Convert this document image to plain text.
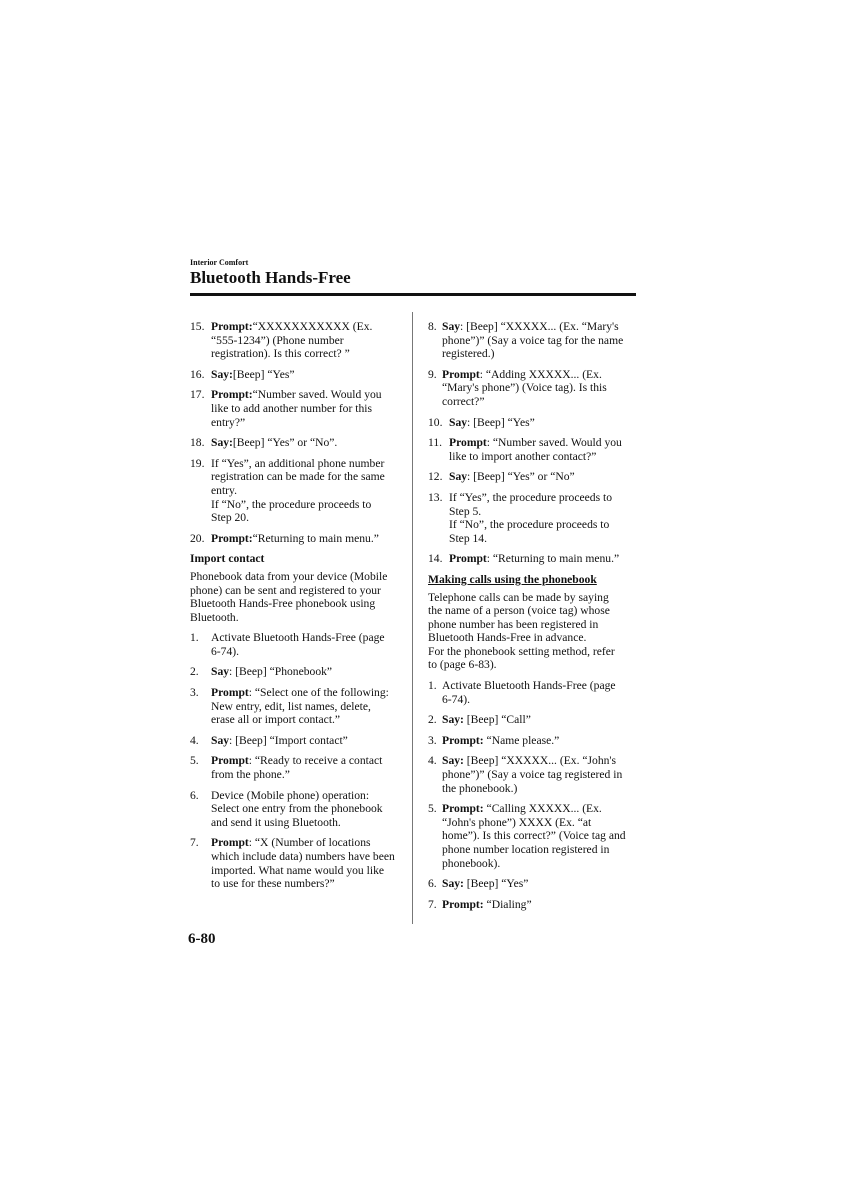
Interior Comfort
Bluetooth Hands-Free
15. Prompt:“XXXXXXXXXXX (Ex.
“555-1234”) (Phone number
registration). Is this correct? ”
16. Say:[Beep] “Yes”
17. Prompt:“Number saved. Would you
like to add another number for this
entry?”
18. Say:[Beep] “Yes” or “No”.
19. If “Yes”, an additional phone number
registration can be made for the same
entry.
If “No”, the procedure proceeds to
Step 20.
20. Prompt:“Returning to main menu.”
Import contact
Phonebook data from your device (Mobile
phone) can be sent and registered to your
Bluetooth Hands-Free phonebook using
Bluetooth.
1.	Activate Bluetooth Hands-Free (page
6-74).
2.	Say: [Beep] “Phonebook”
3.	Prompt: “Select one of the following:
New entry, edit, list names, delete,
erase all or import contact.”
4.	Say: [Beep] “Import contact”
5.	Prompt: “Ready to receive a contact
from the phone.”
6.	Device (Mobile phone) operation:
Select one entry from the phonebook
and send it using Bluetooth.
7.	Prompt: “X (Number of locations
which include data) numbers have been
imported. What name would you like
to use for these numbers?”
8. Say: [Beep] “XXXXX... (Ex. “Mary's
phone”)” (Say a voice tag for the name
registered.)
9. Prompt: “Adding XXXXX... (Ex.
“Mary's phone”) (Voice tag). Is this
correct?”
10. Say: [Beep] “Yes”
11. Prompt: “Number saved. Would you
like to import another contact?”
12. Say: [Beep] “Yes” or “No”
13. If “Yes”, the procedure proceeds to
Step 5.
If “No”, the procedure proceeds to
Step 14.
14. Prompt: “Returning to main menu.”
Making calls using the phonebook
Telephone calls can be made by saying
the name of a person (voice tag) whose
phone number has been registered in
Bluetooth Hands-Free in advance.
For the phonebook setting method, refer
to (page 6-83).
1. Activate Bluetooth Hands-Free (page
6-74).
2. Say: [Beep] “Call”
3. Prompt: “Name please.”
4. Say: [Beep] “XXXXX... (Ex. “John's
phone”)” (Say a voice tag registered in
the phonebook.)
5. Prompt: “Calling XXXXX... (Ex.
“John's phone”) XXXX (Ex. “at
home”). Is this correct?” (Voice tag and
phone number location registered in
phonebook).
6. Say: [Beep] “Yes”
7. Prompt: “Dialing”
6-80
